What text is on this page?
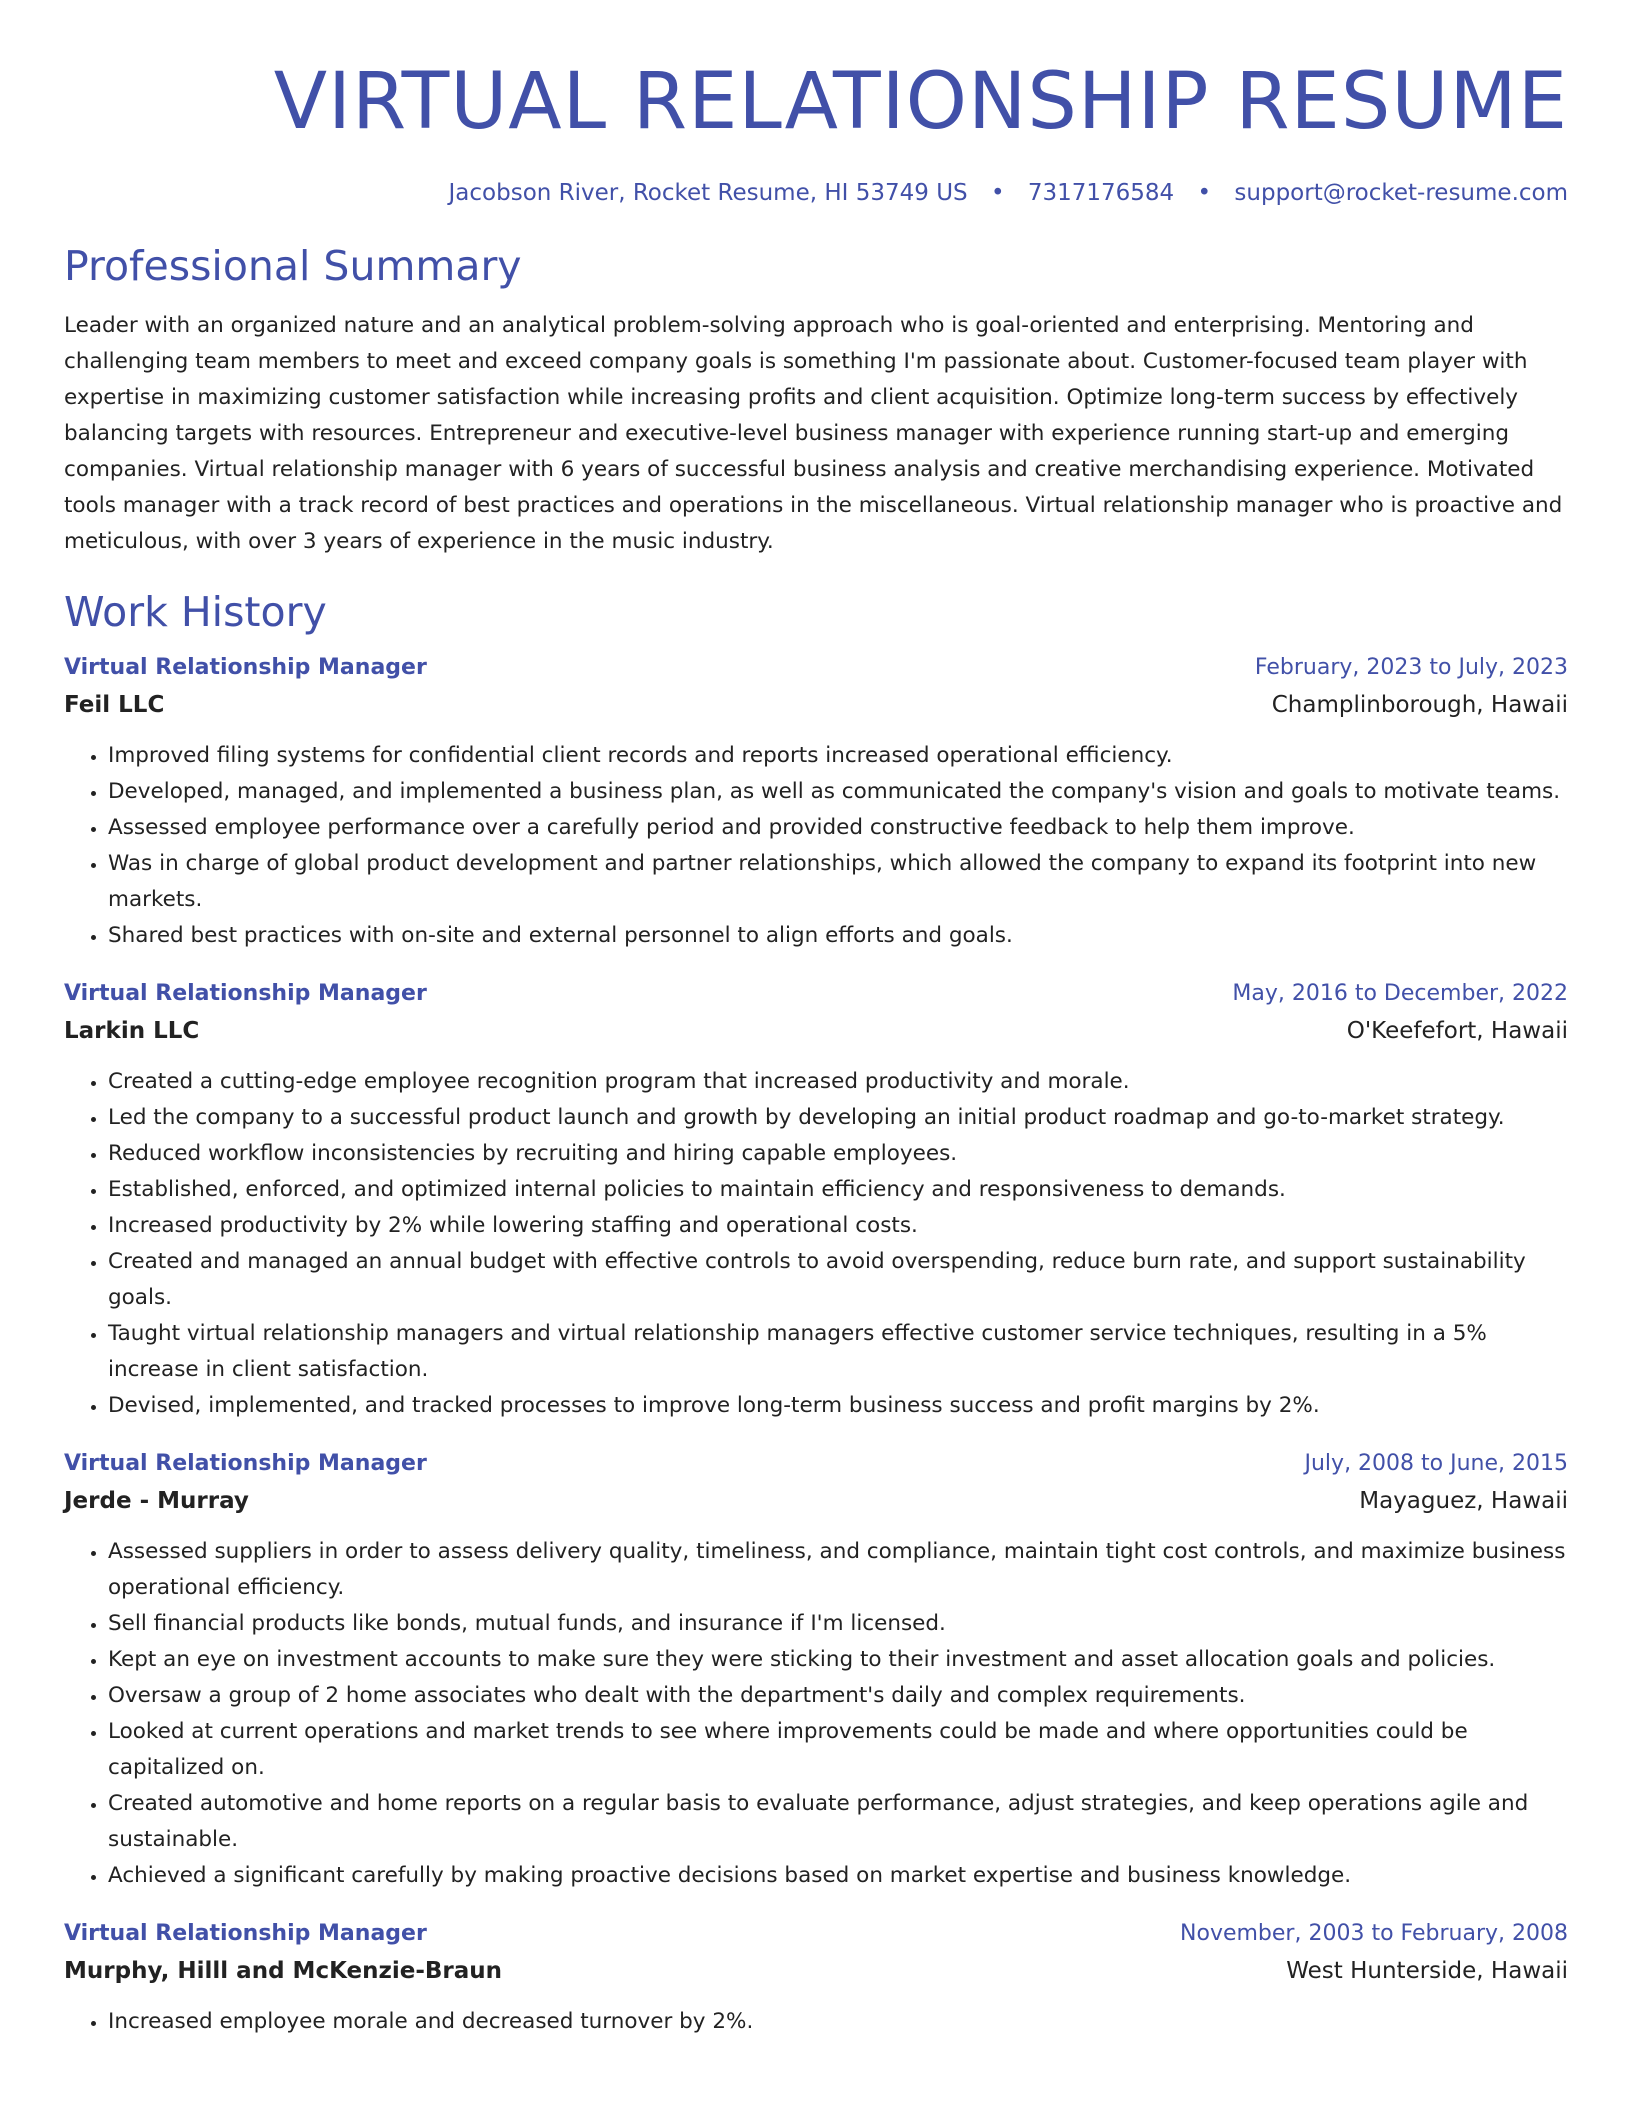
VIRTUAL RELATIONSHIP RESUME
Jacobson River, Rocket Resume, HI 53749 US • 7317176584 • support@rocket-resume.com
Professional Summary

Leader with an organized nature and an analytical problem-solving approach who is goal-oriented and enterprising. Mentoring and challenging team members to meet and exceed company goals is something I'm passionate about. Customer-focused team player with expertise in maximizing customer satisfaction while increasing profits and client acquisition. Optimize long-term success by effectively balancing targets with resources. Entrepreneur and executive-level business manager with experience running start-up and emerging companies. Virtual relationship manager with 6 years of successful business analysis and creative merchandising experience. Motivated tools manager with a track record of best practices and operations in the miscellaneous. Virtual relationship manager who is proactive and meticulous, with over 3 years of experience in the music industry.

Work History
Virtual Relationship Manager	February, 2023 to July, 2023
Feil LLC	Champlinborough, Hawaii
• Improved filing systems for confidential client records and reports increased operational efficiency.
• Developed, managed, and implemented a business plan, as well as communicated the company's vision and goals to motivate teams.
• Assessed employee performance over a carefully period and provided constructive feedback to help them improve.
• Was in charge of global product development and partner relationships, which allowed the company to expand its footprint into new markets.
• Shared best practices with on-site and external personnel to align efforts and goals.
Virtual Relationship Manager	May, 2016 to December, 2022
Larkin LLC	O'Keefefort, Hawaii
• Created a cutting-edge employee recognition program that increased productivity and morale.
• Led the company to a successful product launch and growth by developing an initial product roadmap and go-to-market strategy.
• Reduced workflow inconsistencies by recruiting and hiring capable employees.
• Established, enforced, and optimized internal policies to maintain efficiency and responsiveness to demands.
• Increased productivity by 2% while lowering staffing and operational costs.
• Created and managed an annual budget with effective controls to avoid overspending, reduce burn rate, and support sustainability goals.
• Taught virtual relationship managers and virtual relationship managers effective customer service techniques, resulting in a 5% increase in client satisfaction.
• Devised, implemented, and tracked processes to improve long-term business success and profit margins by 2%.
Virtual Relationship Manager	July, 2008 to June, 2015
Jerde - Murray	Mayaguez, Hawaii
• Assessed suppliers in order to assess delivery quality, timeliness, and compliance, maintain tight cost controls, and maximize business operational efficiency.
• Sell financial products like bonds, mutual funds, and insurance if I'm licensed.
• Kept an eye on investment accounts to make sure they were sticking to their investment and asset allocation goals and policies.
• Oversaw a group of 2 home associates who dealt with the department's daily and complex requirements.
• Looked at current operations and market trends to see where improvements could be made and where opportunities could be capitalized on.
• Created automotive and home reports on a regular basis to evaluate performance, adjust strategies, and keep operations agile and sustainable.
• Achieved a significant carefully by making proactive decisions based on market expertise and business knowledge.
Virtual Relationship Manager	November, 2003 to February, 2008
Murphy, Hilll and McKenzie-Braun	West Hunterside, Hawaii
• Increased employee morale and decreased turnover by 2%.
